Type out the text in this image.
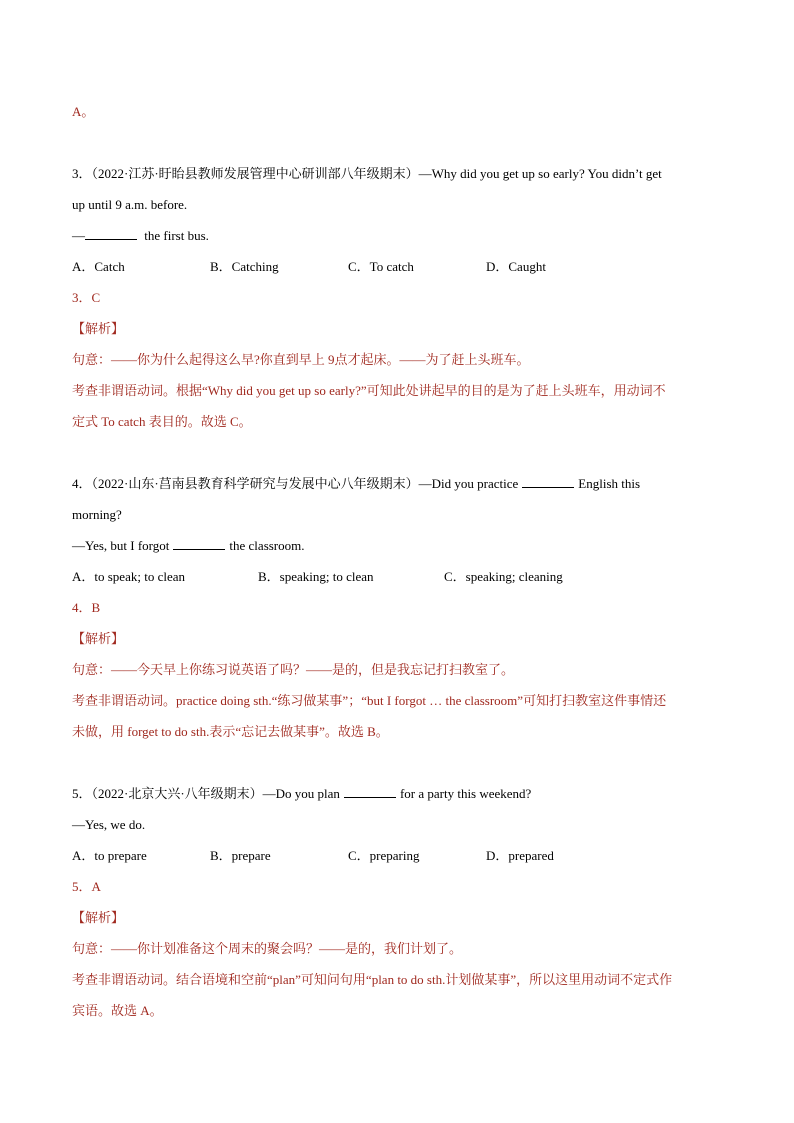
A。
3．（2022·江苏·盱眙县教师发展管理中心研训部八年级期末）—Why did you get up so early? You didn’t get
up until 9 a.m. before.
—	the first bus.
A．Catch	B．Catching	C．To catch	D．Caught
3．C
【解析】
句意：——你为什么起得这么早?你直到早上 9点才起床。——为了赶上头班车。
考查非谓语动词。根据“Why did you get up so early?”可知此处讲起早的目的是为了赶上头班车，用动词不
定式 To catch 表目的。故选 C。
4．（2022·山东·莒南县教育科学研究与发展中心八年级期末）—Did you practice	English this
morning?
—Yes, but I forgot	the classroom.
A．to speak; to clean	B．speaking; to clean	C．speaking; cleaning
4．B
【解析】
句意：——今天早上你练习说英语了吗？——是的，但是我忘记打扫教室了。
考查非谓语动词。practice doing sth.“练习做某事”；“but I forgot … the classroom”可知打扫教室这件事情还
未做，用 forget to do sth.表示“忘记去做某事”。故选 B。
5．（2022·北京大兴·八年级期末）—Do you plan	for a party this weekend?
—Yes, we do.
A．to prepare	B．prepare	C．preparing	D．prepared
5．A
【解析】
句意：——你计划准备这个周末的聚会吗？——是的，我们计划了。
考查非谓语动词。结合语境和空前“plan”可知问句用“plan to do sth.计划做某事”，所以这里用动词不定式作
宾语。故选 A。
